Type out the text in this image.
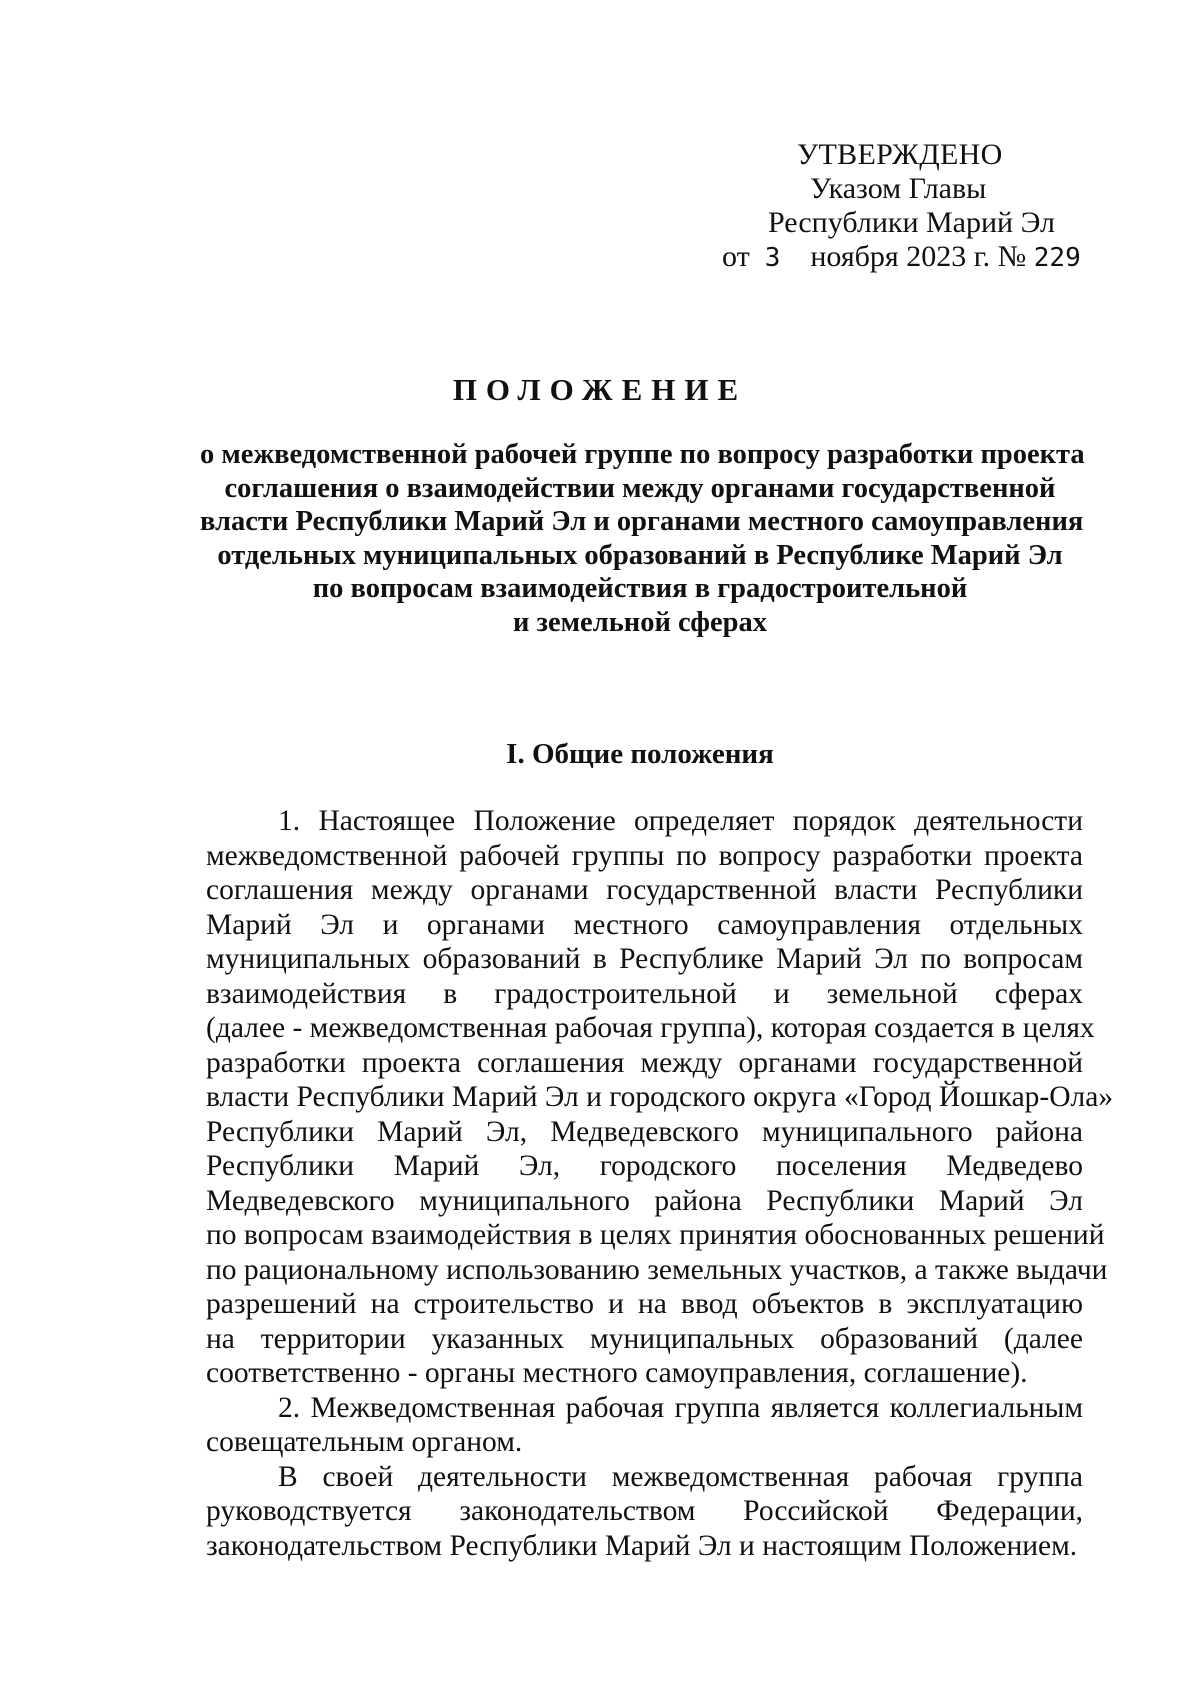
УТВЕРЖДЕНО
Указом Главы
Республики Марий Эл
от 3 ноября 2023 г. № 229
ПОЛОЖЕНИЕ
о межведомственной рабочей группе по вопросу разработки проекта
соглашения о взаимодействии между органами государственной
власти Республики Марий Эл и органами местного самоуправления
отдельных муниципальных образований в Республике Марий Эл
по вопросам взаимодействия в градостроительной
и земельной сферах
I. Общие положения
1. Настоящее Положение определяет порядок деятельности
межведомственной рабочей группы по вопросу разработки проекта
соглашения между органами государственной власти Республики
Марий Эл и органами местного самоуправления отдельных
муниципальных образований в Республике Марий Эл по вопросам
взаимодействия в градостроительной и земельной сферах
(далее - межведомственная рабочая группа), которая создается в целях
разработки проекта соглашения между органами государственной
власти Республики Марий Эл и городского округа «Город Йошкар-Ола»
Республики Марий Эл, Медведевского муниципального района
Республики Марий Эл, городского поселения Медведево
Медведевского муниципального района Республики Марий Эл
по вопросам взаимодействия в целях принятия обоснованных решений
по рациональному использованию земельных участков, а также выдачи
разрешений на строительство и на ввод объектов в эксплуатацию
на территории указанных муниципальных образований (далее
соответственно - органы местного самоуправления, соглашение).
2. Межведомственная рабочая группа является коллегиальным
совещательным органом.
В своей деятельности межведомственная рабочая группа
руководствуется законодательством Российской Федерации,
законодательством Республики Марий Эл и настоящим Положением.
